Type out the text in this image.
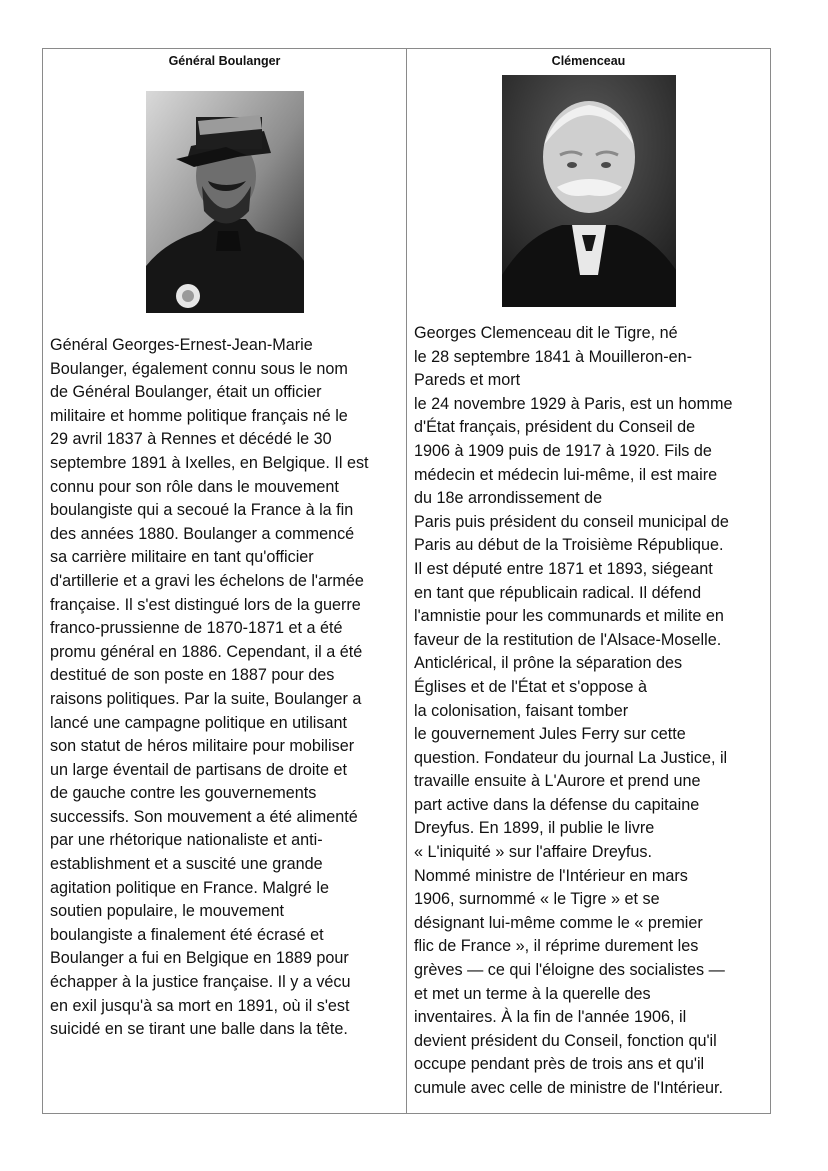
Général Boulanger
Général Georges-Ernest-Jean-Marie
Boulanger, également connu sous le nom
de Général Boulanger, était un officier
militaire et homme politique français né le
29 avril 1837 à Rennes et décédé le 30
septembre 1891 à Ixelles, en Belgique. Il est
connu pour son rôle dans le mouvement
boulangiste qui a secoué la France à la fin
des années 1880. Boulanger a commencé
sa carrière militaire en tant qu'officier
d'artillerie et a gravi les échelons de l'armée
française. Il s'est distingué lors de la guerre
franco-prussienne de 1870-1871 et a été
promu général en 1886. Cependant, il a été
destitué de son poste en 1887 pour des
raisons politiques. Par la suite, Boulanger a
lancé une campagne politique en utilisant
son statut de héros militaire pour mobiliser
un large éventail de partisans de droite et
de gauche contre les gouvernements
successifs. Son mouvement a été alimenté
par une rhétorique nationaliste et anti-
establishment et a suscité une grande
agitation politique en France. Malgré le
soutien populaire, le mouvement
boulangiste a finalement été écrasé et
Boulanger a fui en Belgique en 1889 pour
échapper à la justice française. Il y a vécu
en exil jusqu'à sa mort en 1891, où il s'est
suicidé en se tirant une balle dans la tête.
Clémenceau
Georges Clemenceau dit le Tigre, né
le 28 septembre 1841 à Mouilleron-en-
Pareds et mort
le 24 novembre 1929 à Paris, est un homme
d'État français, président du Conseil de
1906 à 1909 puis de 1917 à 1920. Fils de
médecin et médecin lui-même, il est maire
du 18e arrondissement de
Paris puis président du conseil municipal de
Paris au début de la Troisième République.
Il est député entre 1871 et 1893, siégeant
en tant que républicain radical. Il défend
l'amnistie pour les communards et milite en
faveur de la restitution de l'Alsace-Moselle.
Anticlérical, il prône la séparation des
Églises et de l'État et s'oppose à
la colonisation, faisant tomber
le gouvernement Jules Ferry sur cette
question. Fondateur du journal La Justice, il
travaille ensuite à L'Aurore et prend une
part active dans la défense du capitaine
Dreyfus. En 1899, il publie le livre
« L'iniquité » sur l'affaire Dreyfus.
Nommé ministre de l'Intérieur en mars
1906, surnommé « le Tigre » et se
désignant lui-même comme le « premier
flic de France », il réprime durement les
grèves — ce qui l'éloigne des socialistes —
et met un terme à la querelle des
inventaires. À la fin de l'année 1906, il
devient président du Conseil, fonction qu'il
occupe pendant près de trois ans et qu'il
cumule avec celle de ministre de l'Intérieur.
